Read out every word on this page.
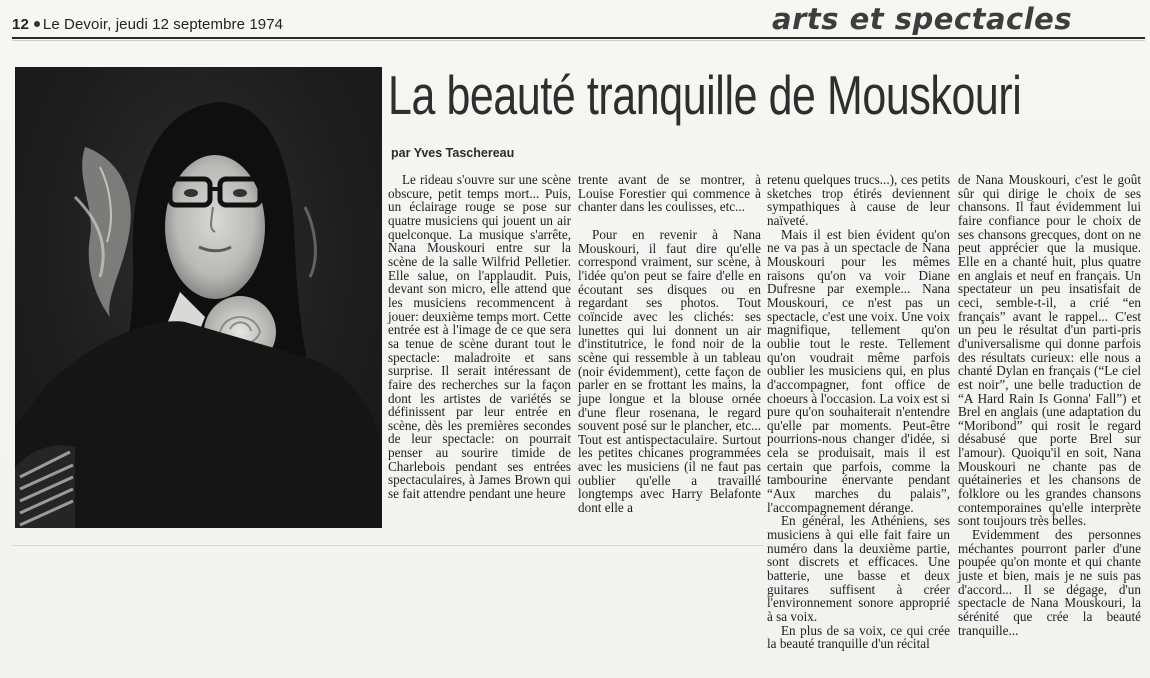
12 Le Devoir, jeudi 12 septembre 1974	arts et spectacles
La beauté tranquille de Mouskouri
par Yves Taschereau

Le rideau s'ouvre sur une scène obscure, petit temps mort... Puis, un éclairage rouge se pose sur quatre musiciens qui jouent un air quelconque. La musique s'arrête, Nana Mouskouri entre sur la scène de la salle Wilfrid Pelletier. Elle salue, on l'applaudit. Puis, devant son micro, elle attend que les musiciens recommencent à jouer: deuxième temps mort. Cette entrée est à l'image de ce que sera sa tenue de scène durant tout le spectacle: maladroite et sans surprise. Il serait intéressant de faire des recherches sur la façon dont les artistes de variétés se définissent par leur entrée en scène, dès les premières secondes de leur spectacle: on pourrait penser au sourire timide de Charlebois pendant ses entrées spectaculaires, à James Brown qui se fait attendre pendant une heure

trente avant de se montrer, à Louise Forestier qui commence à chanter dans les coulisses, etc...

Pour en revenir à Nana Mouskouri, il faut dire qu'elle correspond vraiment, sur scène, à l'idée qu'on peut se faire d'elle en écoutant ses disques ou en regardant ses photos. Tout coïncide avec les clichés: ses lunettes qui lui donnent un air d'institutrice, le fond noir de la scène qui ressemble à un tableau (noir évidemment), cette façon de parler en se frottant les mains, la jupe longue et la blouse ornée d'une fleur rosenana, le regard souvent posé sur le plancher, etc... Tout est antispectaculaire. Surtout les petites chicanes programmées avec les musiciens (il ne faut pas oublier qu'elle a travaillé longtemps avec Harry Belafonte dont elle a

retenu quelques trucs...), ces petits sketches trop étirés deviennent sympathiques à cause de leur naïveté.

Mais il est bien évident qu'on ne va pas à un spectacle de Nana Mouskouri pour les mêmes raisons qu'on va voir Diane Dufresne par exemple... Nana Mouskouri, ce n'est pas un spectacle, c'est une voix. Une voix magnifique, tellement qu'on oublie tout le reste. Tellement qu'on voudrait même parfois oublier les musiciens qui, en plus d'accompagner, font office de choeurs à l'occasion. La voix est si pure qu'on souhaiterait n'entendre qu'elle par moments. Peut-être pourrions-nous changer d'idée, si cela se produisait, mais il est certain que parfois, comme la tambourine énervante pendant “Aux marches du palais”, l'accompagnement dérange.

En général, les Athéniens, ses musiciens à qui elle fait faire un numéro dans la deuxième partie, sont discrets et efficaces. Une batterie, une basse et deux guitares suffisent à créer l'environnement sonore approprié à sa voix.

En plus de sa voix, ce qui crée la beauté tranquille d'un récital

de Nana Mouskouri, c'est le goût sûr qui dirige le choix de ses chansons. Il faut évidemment lui faire confiance pour le choix de ses chansons grecques, dont on ne peut apprécier que la musique. Elle en a chanté huit, plus quatre en anglais et neuf en français. Un spectateur un peu insatisfait de ceci, semble-t-il, a crié “en français” avant le rappel... C'est un peu le résultat d'un parti-pris d'universalisme qui donne parfois des résultats curieux: elle nous a chanté Dylan en français (“Le ciel est noir”, une belle traduction de “A Hard Rain Is Gonna' Fall”) et Brel en anglais (une adaptation du “Moribond” qui rosit le regard désabusé que porte Brel sur l'amour). Quoiqu'il en soit, Nana Mouskouri ne chante pas de quétaineries et les chansons de folklore ou les grandes chansons contemporaines qu'elle interprète sont toujours très belles.

Evidemment des personnes méchantes pourront parler d'une poupée qu'on monte et qui chante juste et bien, mais je ne suis pas d'accord... Il se dégage, d'un spectacle de Nana Mouskouri, la sérénité que crée la beauté tranquille...
